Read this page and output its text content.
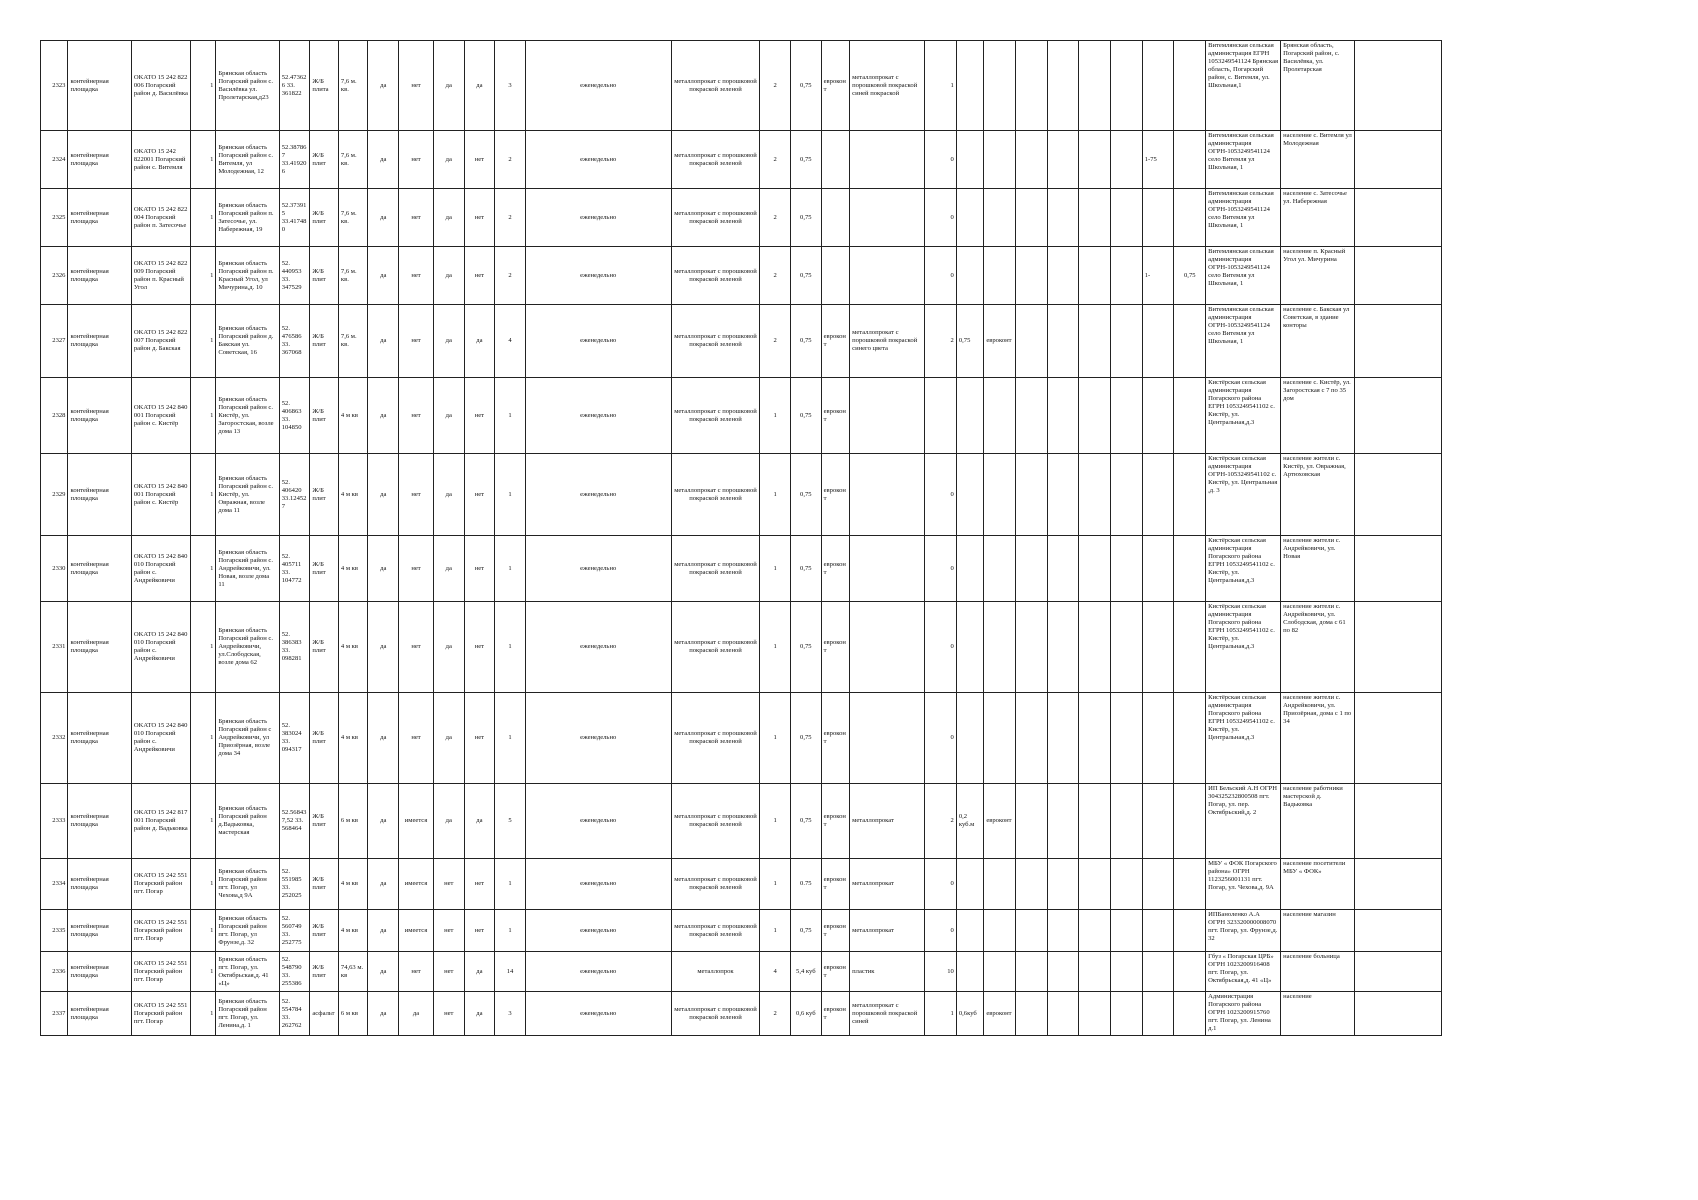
2323	контейнерная площадка	OKATO 15 242 822 006 Погарский район д. Василёвка	1	Брянская область Погарский район с. Василёвка ул. Пролетарская,д23	52.473626 33. 361822	Ж/Б плита	7,6 м. кв.	да	нет	да	да	3	еженедельно	металлопрокат с порошковой покраской зеленой	2	0,75	евроконт	металлопрокат с порошковой покраской синей покраской	1									Витемлянская сельская администрация ЕГРН 1053249541124 Брянская область, Погарский район, с. Витемля, ул. Школьная,1	Брянская область, Погарский район, с. Василёвка, ул. Пролетарская	
2324	контейнерная площадка	OKATO 15 242 822001 Погарский район с. Витемля	1	Брянская область Погарский район с. Витемля, ул Молодежная, 12	52.387867 33.419206	Ж/Б плит	7,6 м. кв.	да	нет	да	нет	2	еженедельно	металлопрокат с порошковой покраской зеленой	2	0,75			0							1-75		Витемлянская сельская администрация ОГРН-1053249541124 село Витемля ул Школьная, 1	население с. Витемля ул Молодежная	
2325	контейнерная площадка	OKATO 15 242 822 004 Погарский район п. Затесочье	1	Брянская область Погарский район п. Затесочье, ул. Набережная, 19	52.373915 33.417480	Ж/Б плит	7,6 м. кв.	да	нет	да	нет	2	еженедельно	металлопрокат с порошковой покраской зеленой	2	0,75			0									Витемлянская сельская администрация ОГРН-1053249541124 село Витемля ул Школьная, 1	население с. Затесочье ул. Набережная	
2326	контейнерная площадка	OKATO 15 242 822 009 Погарский район п. Красный Угол	1	Брянская область Погарский район п. Красный Угол, ул Мичурина,д. 10	52. 440953 33. 347529	Ж/Б плит	7,6 м. кв.	да	нет	да	нет	2	еженедельно	металлопрокат с порошковой покраской зеленой	2	0,75			0							1-	0,75	Витемлянская сельская администрация ОГРН-1053249541124 село Витемля ул Школьная, 1	население п. Красный Угол ул. Мичурина	
2327	контейнерная площадка	OKATO 15 242 822 007 Погарский район д. Бакская	1	Брянская область Погарский район д. Бакская ул. Советская, 16	52. 476586 33. 367068	Ж/Б плит	7,6 м. кв.	да	нет	да	да	4	еженедельно	металлопрокат с порошковой покраской зеленой	2	0,75	евроконт	металлопрокат с порошковой покраской синего цвета	2	0,75	евроконт							Витемлянская сельская администрация ОГРН-1053249541124 село Витемля ул Школьная, 1	население с. Бакская ул Советская, в здание конторы	
2328	контейнерная площадка	OKATO 15 242 840 001 Погарский район с. Кистёр	1	Брянская область Погарский район с. Кистёр, ул. Загоростская, возле дома 13	52. 406863 33. 104850	Ж/Б плит	4 м кв	да	нет	да	нет	1	еженедельно	металлопрокат с порошковой покраской зеленой	1	0,75	евроконт											Кистёрская сельская администрация Погарского района ЕГРН 1053249541102 с. Кистёр, ул. Центральная,д.3	население с. Кистёр, ул. Загоростская с 7 по 35 дом	
2329	контейнерная площадка	OKATO 15 242 840 001 Погарский район с. Кистёр	1	Брянская область Погарский район с. Кистёр, ул. Овражная, возле дома 11	52. 406420 33.124527	Ж/Б плит	4 м кв	да	нет	да	нет	1	еженедельно	металлопрокат с порошковой покраской зеленой	1	0,75	евроконт		0									Кистёрская сельская администрация ОГРН-1053249541102 с. Кистёр, ул. Центральная ,д. 3	население жители с. Кистёр, ул. Овражная, Артюховская	
2330	контейнерная площадка	OKATO 15 242 840 010 Погарский район с. Андрейковичи	1	Брянская область Погарский район с. Андрейковичи, ул. Новая, возле дома 11	52. 405711 33. 104772	Ж/Б плит	4 м кв	да	нет	да	нет	1	еженедельно	металлопрокат с порошковой покраской зеленой	1	0,75	евроконт		0									Кистёрская сельская администрация Погарского района ЕГРН 1053249541102 с. Кистёр, ул. Центральная,д.3	население жители с. Андрейковичи, ул. Новая	
2331	контейнерная площадка	OKATO 15 242 840 010 Погарский район с. Андрейковичи	1	Брянская область Погарский район с. Андрейковичи, ул.Слободская, возле дома 62	52. 386383 33. 098281	Ж/Б плит	4 м кв	да	нет	да	нет	1	еженедельно	металлопрокат с порошковой покраской зеленой	1	0,75	евроконт		0									Кистёрская сельская администрация Погарского района ЕГРН 1053249541102 с. Кистёр, ул. Центральная,д.3	население жители с. Андрейковичи, ул. Слободская, дома с 61 по 82	
2332	контейнерная площадка	OKATO 15 242 840 010 Погарский район с. Андрейковичи	1	Брянская область Погарский район с Андрейковичи, ул Приозёрная, возле дома 34	52. 383024 33. 094317	Ж/Б плит	4 м кв	да	нет	да	нет	1	еженедельно	металлопрокат с порошковой покраской зеленой	1	0,75	евроконт		0									Кистёрская сельская администрация Погарского района ЕГРН 1053249541102 с. Кистёр, ул. Центральная,д.3	население жители с. Андрейковичи, ул. Приозёрная, дома с 1 по 34	
2333	контейнерная площадка	OKATO 15 242 817 001 Погарский район д. Вадьковка	1	Брянская область Погарский район д.Вадьковка, мастерская	52.568437,52 33. 568464	Ж/Б плит	6 м кв	да	имеется	да	да	5	еженедельно	металлопрокат с порошковой покраской зеленой	1	0,75	евроконт	металлопрокат	2	0,2 куб.м	евроконт							ИП Бельский А.Н ОГРН 304325232800508 пгт. Погар, ул. пер. Октябрьский,д. 2	население работники мастерской д. Вадьковка	
2334	контейнерная площадка	OKATO 15 242 551 Погарский район пгт. Погар	1	Брянская область Погарский район пгт. Погар, ул Чехова,д 9А	52. 551985 33. 252025	Ж/Б плит	4 м кв	да	имеется	нет	нет	1	еженедельно	металлопрокат с порошковой покраской зеленой	1	0.75	евроконт	металлопрокат	0									МБУ « ФОК Погарского района» ОГРН 1123256001131 пгт. Погар, ул. Чехова,д. 9А	население посетители МБУ « ФОК»	
2335	контейнерная площадка	OKATO 15 242 551 Погарский район пгт. Погар	1	Брянская область Погарский район пгт. Погар, ул Фрунзе,д. 32	52. 560749 33. 252775	Ж/Б плит	4 м кв	да	имеется	нет	нет	1	еженедельно	металлопрокат с порошковой покраской зеленой	1	0,75	евроконт	металлопрокат	0									ИПБаноленко А.А ОГРН 323320000008070 пгт. Погар, ул. Фрунзе,д. 32	население магазин	
2336	контейнерная площадка	OKATO 15 242 551 Погарский район пгт. Погар	1	Брянская область пгт. Погар, ул. Октябрьская,д. 41 «Ц»	52. 548790 33. 255386	Ж/Б плит	74,63 м. кв	да	нет	нет	да	14	еженедельно	металлопрок	4	5,4 куб	евроконт	пластик	10									Гбуз « Погарская ЦРБ» ОГРН 1023200916408 пгт. Погар, ул. Октябрьская,д. 41 «Ц»	население больница	
2337	контейнерная площадка	OKATO 15 242 551 Погарский район пгт. Погар	1	Брянская область Погарский район пгт. Погар, ул. Ленина,д. 1	52. 554784 33. 262762	асфальт	6 м кв	да	да	нет	да	3	еженедельно	металлопрокат с порошковой покраской зеленой	2	0,6 куб	евроконт	металлопрокат с порошковой покраской синей	1	0,6куб	евроконт							Администрация Погарского района ОГРН 1023200915760 пгт. Погар, ул. Ленина д.1	население	
